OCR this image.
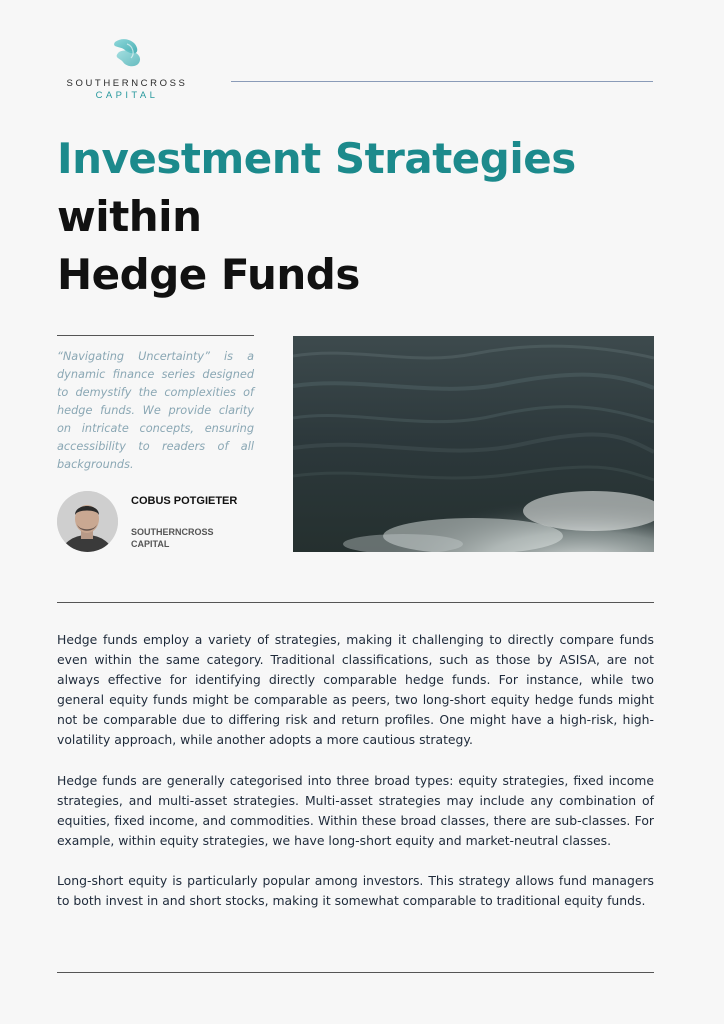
SOUTHERNCROSS
CAPITAL
Investment Strategies
within
Hedge Funds

“Navigating Uncertainty” is a dynamic finance series designed to demystify the complexities of hedge funds. We provide clarity on intricate concepts, ensuring accessibility to readers of all backgrounds.

COBUS POTGIETER
SOUTHERNCROSS CAPITAL

Hedge funds employ a variety of strategies, making it challenging to directly compare funds even within the same category. Traditional classifications, such as those by ASISA, are not always effective for identifying directly comparable hedge funds. For instance, while two general equity funds might be comparable as peers, two long-short equity hedge funds might not be comparable due to differing risk and return profiles. One might have a high-risk, high-volatility approach, while another adopts a more cautious strategy.

Hedge funds are generally categorised into three broad types: equity strategies, fixed income strategies, and multi-asset strategies. Multi-asset strategies may include any combination of equities, fixed income, and commodities. Within these broad classes, there are sub-classes. For example, within equity strategies, we have long-short equity and market-neutral classes.

Long-short equity is particularly popular among investors. This strategy allows fund managers to both invest in and short stocks, making it somewhat comparable to traditional equity funds.
